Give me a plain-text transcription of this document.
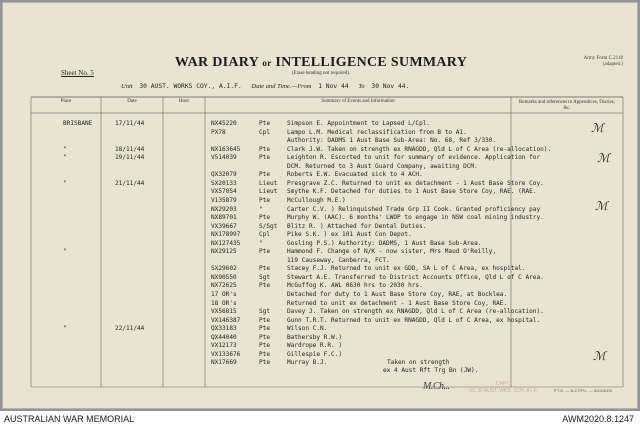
Army Form C.2118
(adapted.)
WAR DIARY or INTELLIGENCE SUMMARY
(Erase heading not required).
Sheet No. 5
Unit 30 AUST. WORKS COY., A.I.F. Date and Time.—From 1 Nov 44 To 30 Nov 44.
Place	Date	Hour	Summary of Events and Information	Remarks and references to Appendices, Diaries, &c.
BRISBANE	17/11/44	NX45220	Pte	Simpson E. Appointment to Lapsed L/Cpl.
PX78	Cpl	Lampo L.M. Medical reclassification from B to A1.
Authority: DADMS 1 Aust Base Sub-Area: No. 68, Ref 3/330.
"	18/11/44	NX163645	Pte	Clark J.W. Taken on strength ex RNAGDD, Qld L of C Area (re-allocation).
"	19/11/44	V514039	Pte	Leighton R. Escorted to unit for summary of evidence. Application for
DCM. Returned to 3 Aust Guard Company, awaiting DCM.
QX32079	Pte	Roberts E.W. Evacuated sick to 4 ACH.
"	21/11/44	SX20133	Lieut Presgrave Z.C. Returned to unit ex detachment - 1 Aust Base Store Coy.
VX57054	Lieut Smythe K.F. Detached for duties to 1 Aust Base Store Coy, RAE. (RAE.
V135879	Pte	McCullough M.E.)
NX29203	"	Carter C.V. ) Relinquished Trade Grp II Cook. Granted proficiency pay
NX89701	Pte	Murphy W. (AAC). 6 months' LWOP to engage in NSW coal mining industry.
VX39667	S/Sgt Blitz R. ) Attached for Dental Duties.
NX178997	Cpl	Pike S.K. ) ex 101 Aust Con Depot.
NX127435	"	Gosling P.S.) Authority: DADMS, 1 Aust Base Sub-Area.
"	NX29125	Pte	Hammond F. Change of N/K - now sister, Mrs Maud O'Reilly,
119 Causeway, Canberra, FCT.
SX29602	Pte	Stacey F.J. Returned to unit ex GDD, SA L of C Area, ex hospital.
NX90550	Sgt	Stewart A.E. Transferred to District Accounts Office, Qld L of C Area.
NX72625	Pte	McGuffog K. AWL 0630 hrs to 2030 hrs.
17 OR's	Detached for duty to 1 Aust Base Store Coy, RAE, at Bocklea.
18 OR's	Returned to unit ex detachment - 1 Aust Base Store Coy, RAE.
VX56815	Sgt	Davey J. Taken on strength ex RNAGDD, Qld L of C Area (re-allocation).
VX146387	Pte	Gunn T.R.T. Returned to unit ex RNAGDD, Qld L of C Area, ex hospital.
"	22/11/44	QX33183	Pte	Wilson C.N.
QX44040	Pte	Bathersby R.W.)
VX12173	Pte	Wardrope R.R. )
VX133676	Pte	Gillespie F.C.)
NX17669	Pte	Murray B.J.
ℳ
ℳ
ℳ
ℳ
Taken on strength
ex 4 Aust Rft Trg Bn (JW).
M.Ch...	CAPT.
OC 30 AUST. WKS. COY. A.I.F.	P.T.O. — N.Z.P.P.L. — 5/43/3000.
AUSTRALIAN WAR MEMORIAL	AWM2020.8.1247
